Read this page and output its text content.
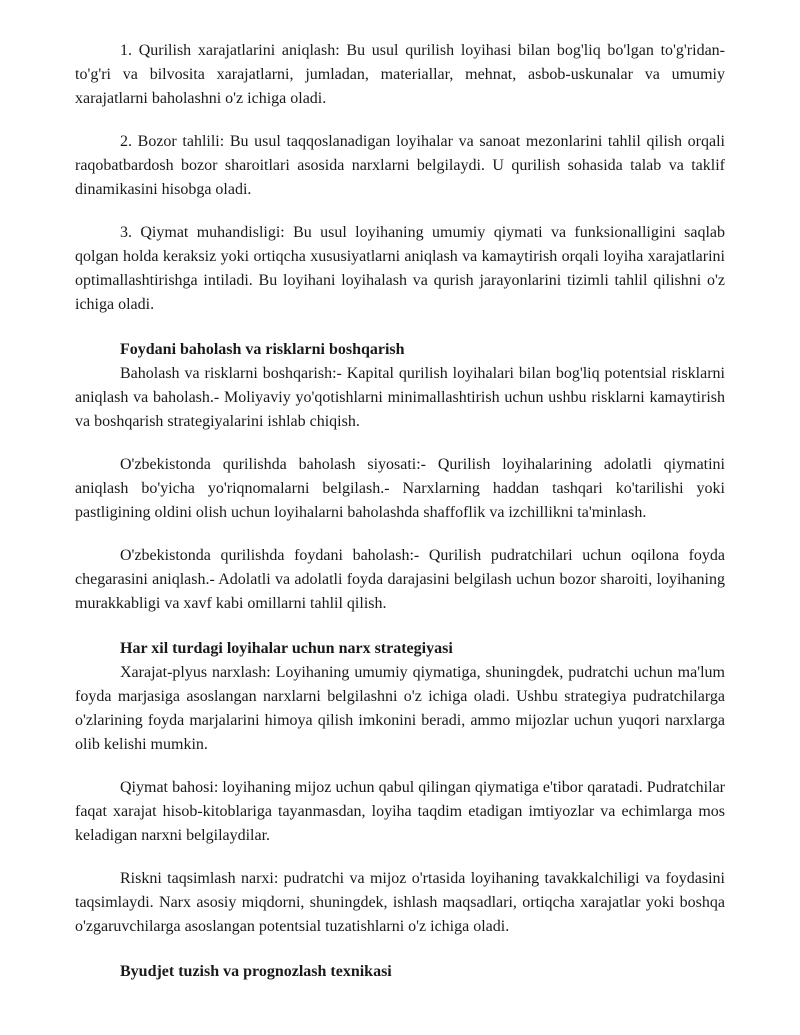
1. Qurilish xarajatlarini aniqlash: Bu usul qurilish loyihasi bilan bog'liq bo'lgan to'g'ridan-to'g'ri va bilvosita xarajatlarni, jumladan, materiallar, mehnat, asbob-uskunalar va umumiy xarajatlarni baholashni o'z ichiga oladi.

2. Bozor tahlili: Bu usul taqqoslanadigan loyihalar va sanoat mezonlarini tahlil qilish orqali raqobatbardosh bozor sharoitlari asosida narxlarni belgilaydi. U qurilish sohasida talab va taklif dinamikasini hisobga oladi.

3. Qiymat muhandisligi: Bu usul loyihaning umumiy qiymati va funksionalligini saqlab qolgan holda keraksiz yoki ortiqcha xususiyatlarni aniqlash va kamaytirish orqali loyiha xarajatlarini optimallashtirishga intiladi. Bu loyihani loyihalash va qurish jarayonlarini tizimli tahlil qilishni o'z ichiga oladi.

Foydani baholash va risklarni boshqarish

Baholash va risklarni boshqarish:- Kapital qurilish loyihalari bilan bog'liq potentsial risklarni aniqlash va baholash.- Moliyaviy yo'qotishlarni minimallashtirish uchun ushbu risklarni kamaytirish va boshqarish strategiyalarini ishlab chiqish.

O'zbekistonda qurilishda baholash siyosati:- Qurilish loyihalarining adolatli qiymatini aniqlash bo'yicha yo'riqnomalarni belgilash.- Narxlarning haddan tashqari ko'tarilishi yoki pastligining oldini olish uchun loyihalarni baholashda shaffoflik va izchillikni ta'minlash.

O'zbekistonda qurilishda foydani baholash:- Qurilish pudratchilari uchun oqilona foyda chegarasini aniqlash.- Adolatli va adolatli foyda darajasini belgilash uchun bozor sharoiti, loyihaning murakkabligi va xavf kabi omillarni tahlil qilish.

Har xil turdagi loyihalar uchun narx strategiyasi

Xarajat-plyus narxlash: Loyihaning umumiy qiymatiga, shuningdek, pudratchi uchun ma'lum foyda marjasiga asoslangan narxlarni belgilashni o'z ichiga oladi. Ushbu strategiya pudratchilarga o'zlarining foyda marjalarini himoya qilish imkonini beradi, ammo mijozlar uchun yuqori narxlarga olib kelishi mumkin.

Qiymat bahosi: loyihaning mijoz uchun qabul qilingan qiymatiga e'tibor qaratadi. Pudratchilar faqat xarajat hisob-kitoblariga tayanmasdan, loyiha taqdim etadigan imtiyozlar va echimlarga mos keladigan narxni belgilaydilar.

Riskni taqsimlash narxi: pudratchi va mijoz o'rtasida loyihaning tavakkalchiligi va foydasini taqsimlaydi. Narx asosiy miqdorni, shuningdek, ishlash maqsadlari, ortiqcha xarajatlar yoki boshqa o'zgaruvchilarga asoslangan potentsial tuzatishlarni o'z ichiga oladi.

Byudjet tuzish va prognozlash texnikasi
